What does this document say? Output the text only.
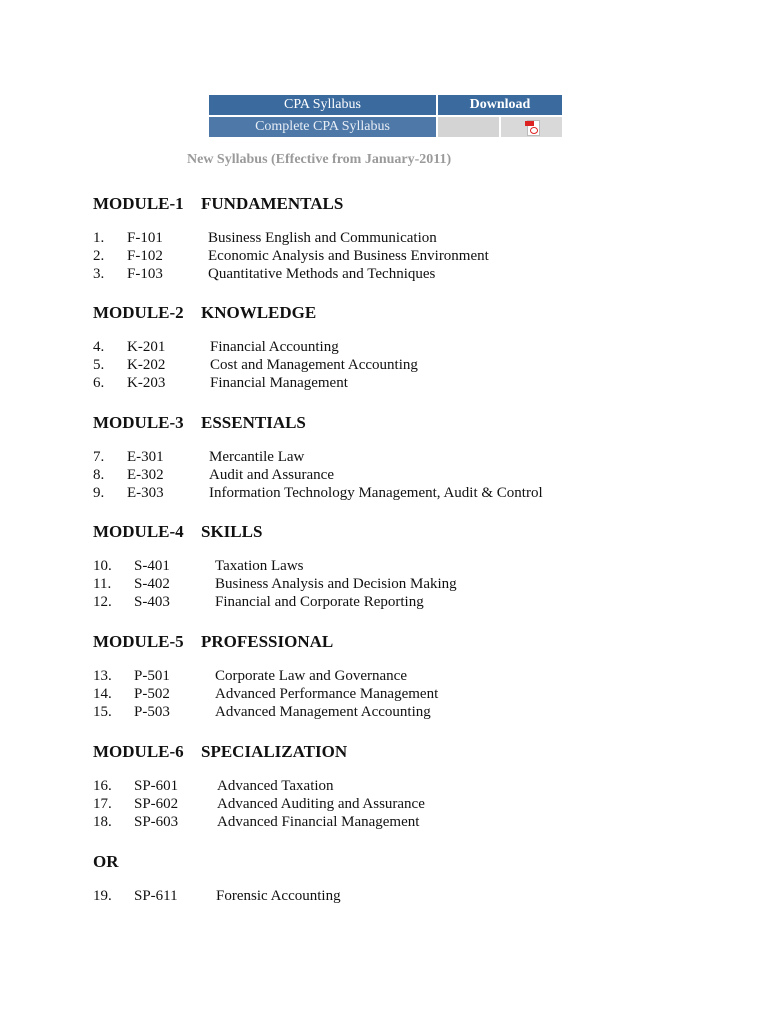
CPA Syllabus	Download	
Complete CPA Syllabus		
New Syllabus (Effective from January-2011)
MODULE-1 FUNDAMENTALS
1. F-101	Business English and Communication
2. F-102	Economic Analysis and Business Environment
3. F-103	Quantitative Methods and Techniques
MODULE-2 KNOWLEDGE
4. K-201	Financial Accounting
5. K-202	Cost and Management Accounting
6. K-203	Financial Management
MODULE-3 ESSENTIALS
7. E-301	Mercantile Law
8. E-302	Audit and Assurance
9. E-303	Information Technology Management, Audit & Control
MODULE-4 SKILLS
10. S-401	Taxation Laws
11. S-402	Business Analysis and Decision Making
12. S-403	Financial and Corporate Reporting
MODULE-5 PROFESSIONAL
13. P-501	Corporate Law and Governance
14. P-502	Advanced Performance Management
15. P-503	Advanced Management Accounting
MODULE-6 SPECIALIZATION
16. SP-601	Advanced Taxation
17. SP-602	Advanced Auditing and Assurance
18. SP-603	Advanced Financial Management
OR
19. SP-611	Forensic Accounting
